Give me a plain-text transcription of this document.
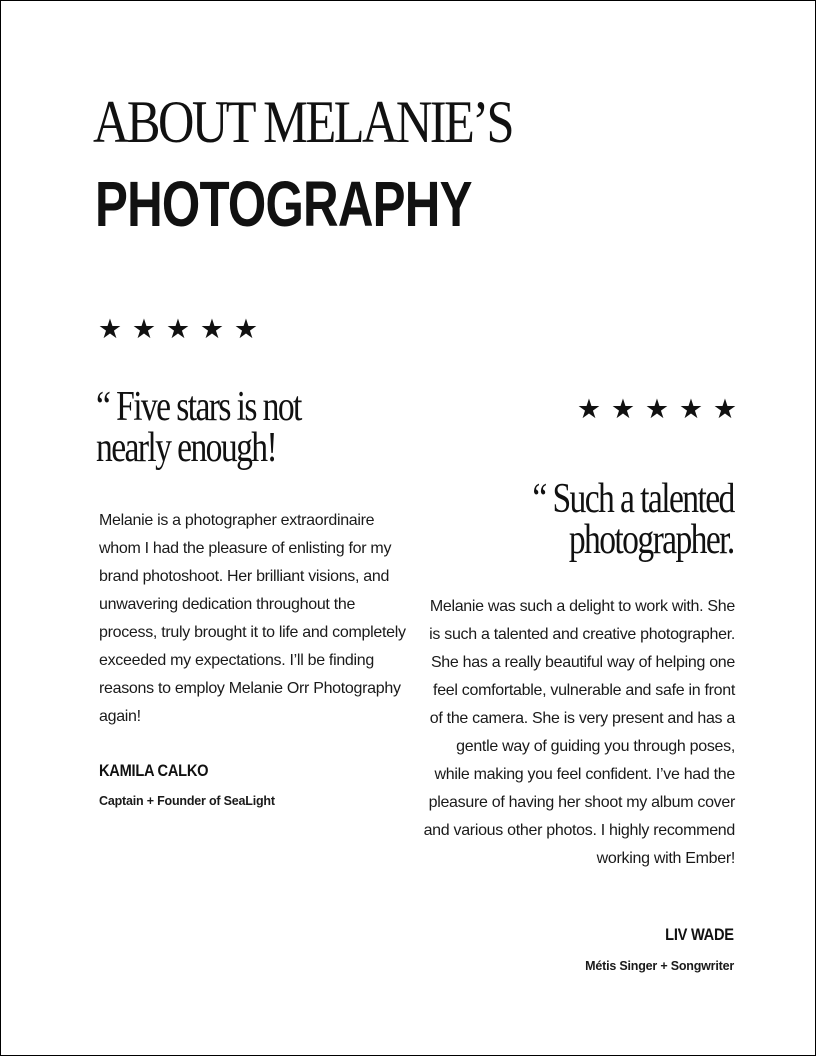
ABOUT MELANIE’S
PHOTOGRAPHY
★ ★ ★ ★ ★
“ Five stars is not
nearly enough!

Melanie is a photographer extraordinaire whom I had the pleasure of enlisting for my brand photoshoot. Her brilliant visions, and unwavering dedication throughout the process, truly brought it to life and completely exceeded my expectations. I’ll be finding reasons to employ Melanie Orr Photography again!

KAMILA CALKO

Captain + Founder of SeaLight

★ ★ ★ ★ ★
“ Such a talented
photographer.

Melanie was such a delight to work with. She is such a talented and creative photographer. She has a really beautiful way of helping one feel comfortable, vulnerable and safe in front of the camera. She is very present and has a gentle way of guiding you through poses, while making you feel confident. I’ve had the pleasure of having her shoot my album cover and various other photos. I highly recommend working with Ember!

LIV WADE

Métis Singer + Songwriter
